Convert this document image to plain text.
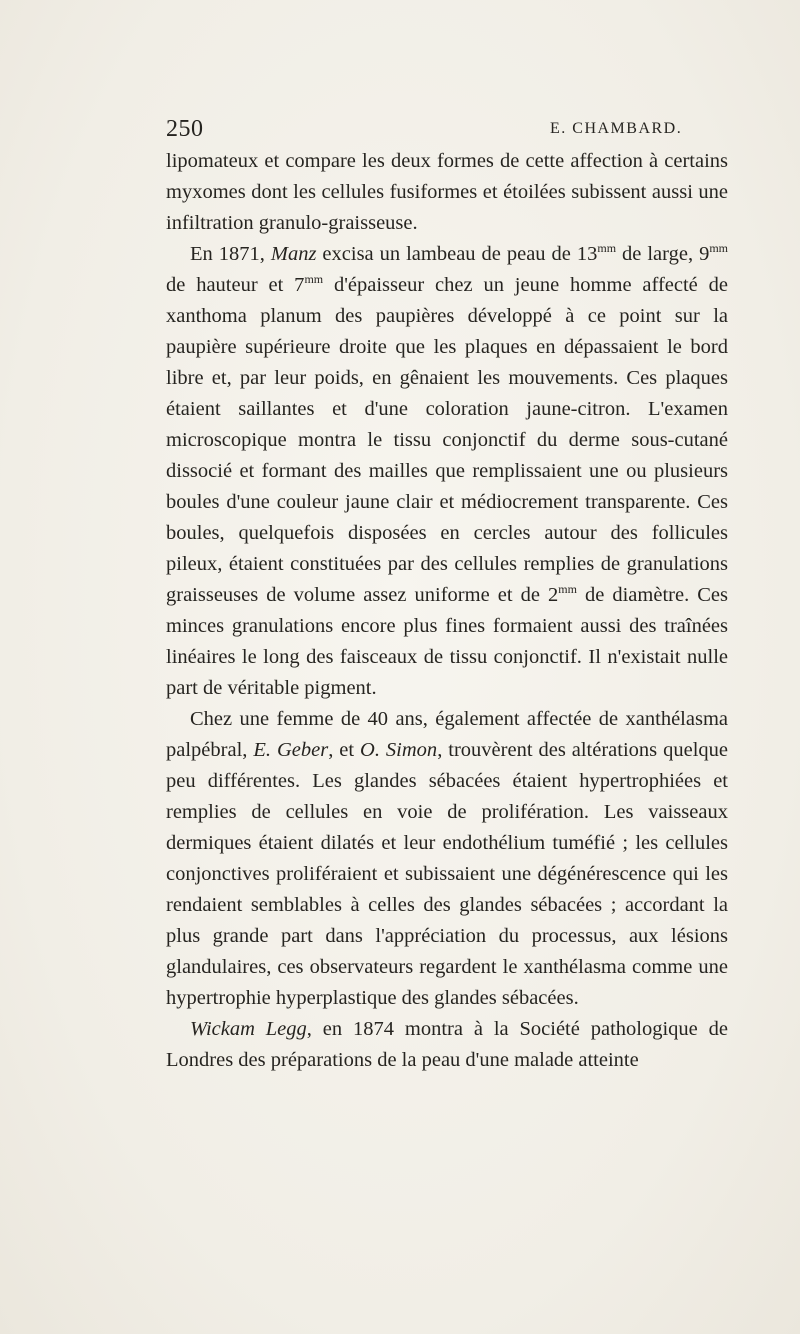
250	E. CHAMBARD.

lipomateux et compare les deux formes de cette affection à certains myxomes dont les cellules fusiformes et étoilées subissent aussi une infiltration granulo-graisseuse.

En 1871, Manz excisa un lambeau de peau de $13^{mm}$ de large, $9^{mm}$ de hauteur et $7^{mm}$ d'épaisseur chez un jeune homme affecté de xanthoma planum des paupières développé à ce point sur la paupière supérieure droite que les plaques en dépassaient le bord libre et, par leur poids, en gênaient les mouvements. Ces plaques étaient saillantes et d'une coloration jaune-citron. L'examen microscopique montra le tissu conjonctif du derme sous-cutané dissocié et formant des mailles que remplissaient une ou plusieurs boules d'une couleur jaune clair et médiocrement transparente. Ces boules, quelquefois disposées en cercles autour des follicules pileux, étaient constituées par des cellules remplies de granulations graisseuses de volume assez uniforme et de $2^{mm}$ de diamètre. Ces minces granulations encore plus fines formaient aussi des traînées linéaires le long des faisceaux de tissu conjonctif. Il n'existait nulle part de véritable pigment.

Chez une femme de 40 ans, également affectée de xanthélasma palpébral, E. Geber, et O. Simon, trouvèrent des altérations quelque peu différentes. Les glandes sébacées étaient hypertrophiées et remplies de cellules en voie de prolifération. Les vaisseaux dermiques étaient dilatés et leur endothélium tuméfié ; les cellules conjonctives proliféraient et subissaient une dégénérescence qui les rendaient semblables à celles des glandes sébacées ; accordant la plus grande part dans l'appréciation du processus, aux lésions glandulaires, ces observateurs regardent le xanthélasma comme une hypertrophie hyperplastique des glandes sébacées.

Wickam Legg, en 1874 montra à la Société pathologique de Londres des préparations de la peau d'une malade atteinte
